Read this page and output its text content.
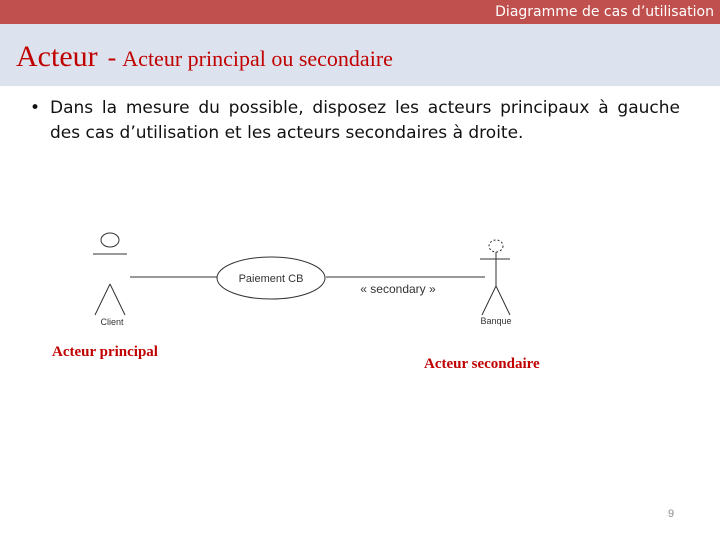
Diagramme de cas d’utilisation
Acteur - Acteur principal ou secondaire
• Dans la mesure du possible, disposez les acteurs principaux à gauche des cas d’utilisation et les acteurs secondaires à droite.
Client
Paiement CB
« secondary »
Banque
Acteur principal
Acteur secondaire
9
